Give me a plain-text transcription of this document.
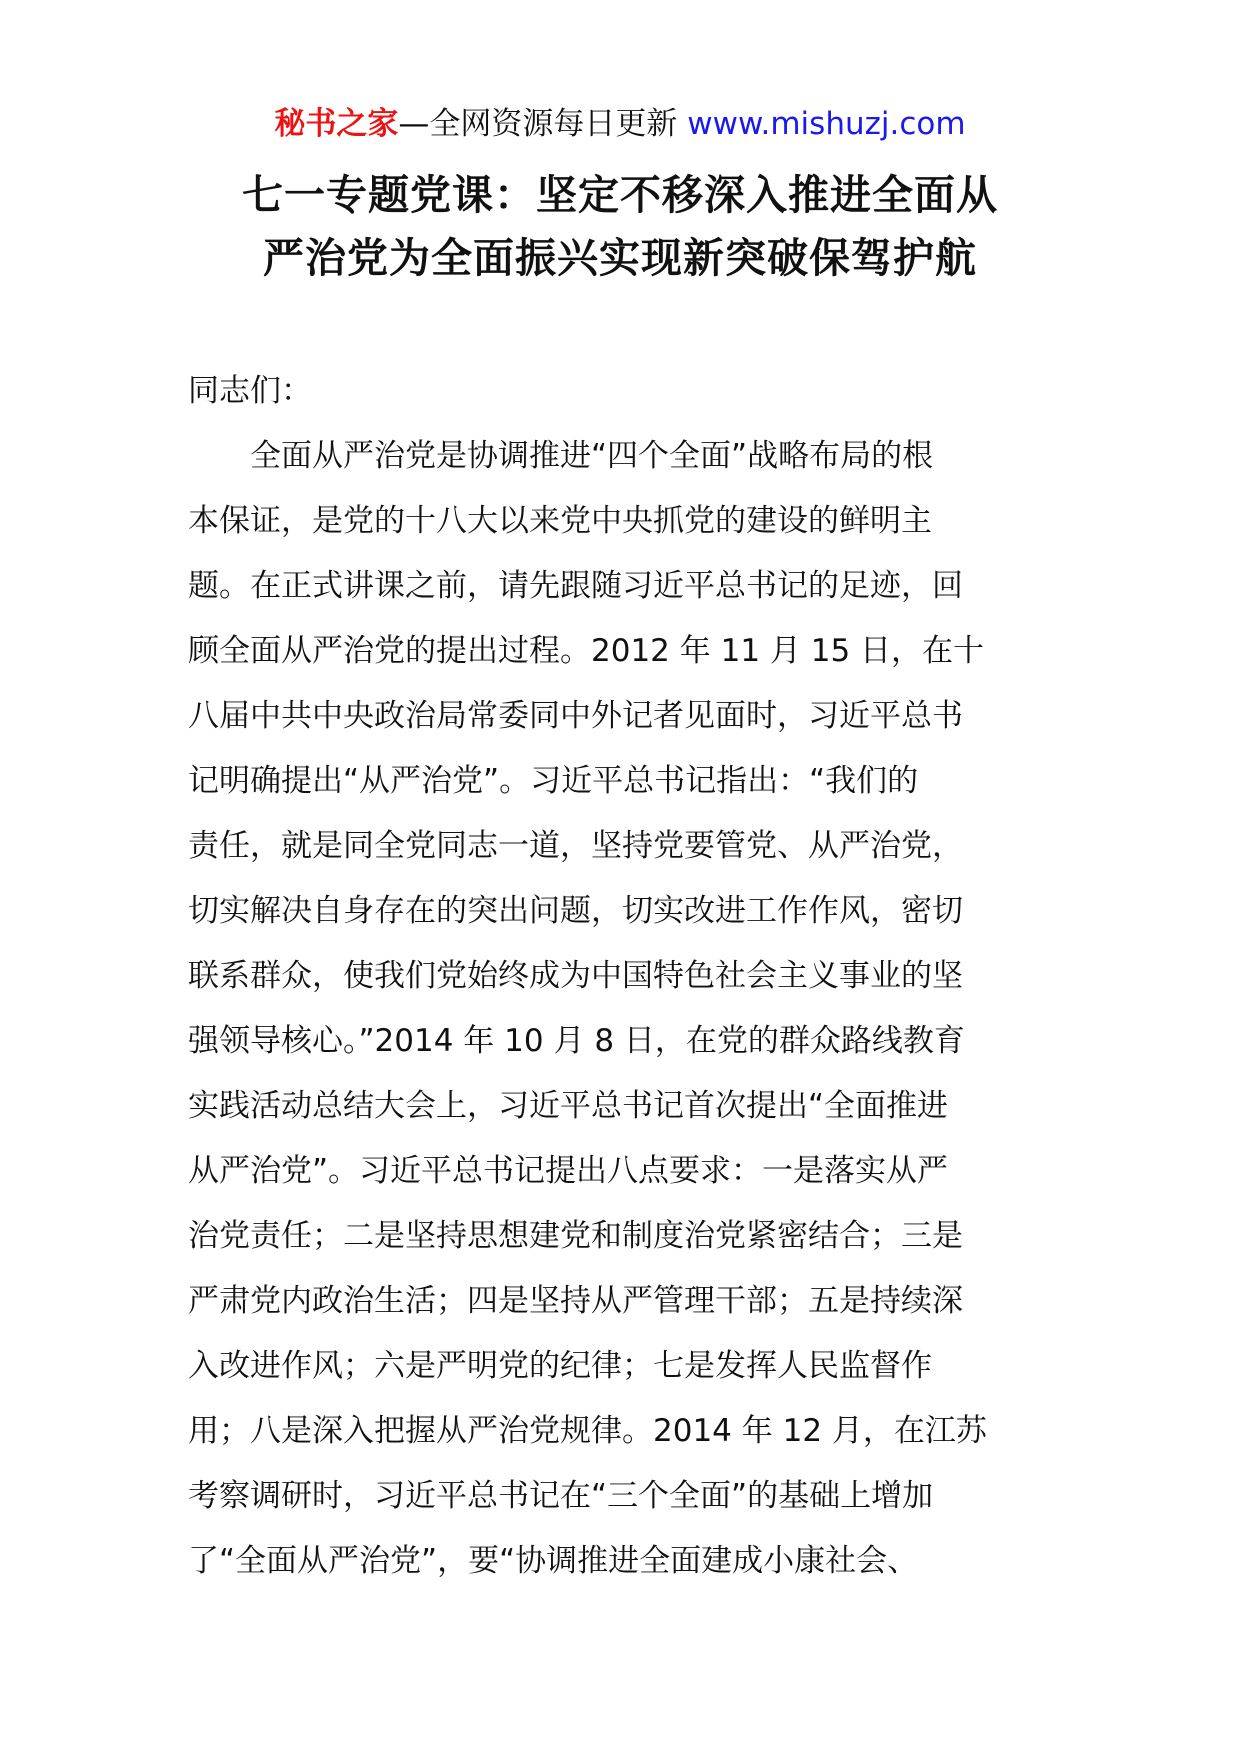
秘书之家—全网资源每日更新 www.mishuzj.com
七一专题党课：坚定不移深入推进全面从
严治党为全面振兴实现新突破保驾护航
同志们：
　　全面从严治党是协调推进“四个全面”战略布局的根
本保证，是党的十八大以来党中央抓党的建设的鲜明主
题。在正式讲课之前，请先跟随习近平总书记的足迹，回
顾全面从严治党的提出过程。2012 年 11 月 15 日，在十
八届中共中央政治局常委同中外记者见面时，习近平总书
记明确提出“从严治党”。习近平总书记指出：“我们的
责任，就是同全党同志一道，坚持党要管党、从严治党，
切实解决自身存在的突出问题，切实改进工作作风，密切
联系群众，使我们党始终成为中国特色社会主义事业的坚
强领导核心。”2014 年 10 月 8 日，在党的群众路线教育
实践活动总结大会上，习近平总书记首次提出“全面推进
从严治党”。习近平总书记提出八点要求：一是落实从严
治党责任；二是坚持思想建党和制度治党紧密结合；三是
严肃党内政治生活；四是坚持从严管理干部；五是持续深
入改进作风；六是严明党的纪律；七是发挥人民监督作
用；八是深入把握从严治党规律。2014 年 12 月，在江苏
考察调研时，习近平总书记在“三个全面”的基础上增加
了“全面从严治党”，要“协调推进全面建成小康社会、
